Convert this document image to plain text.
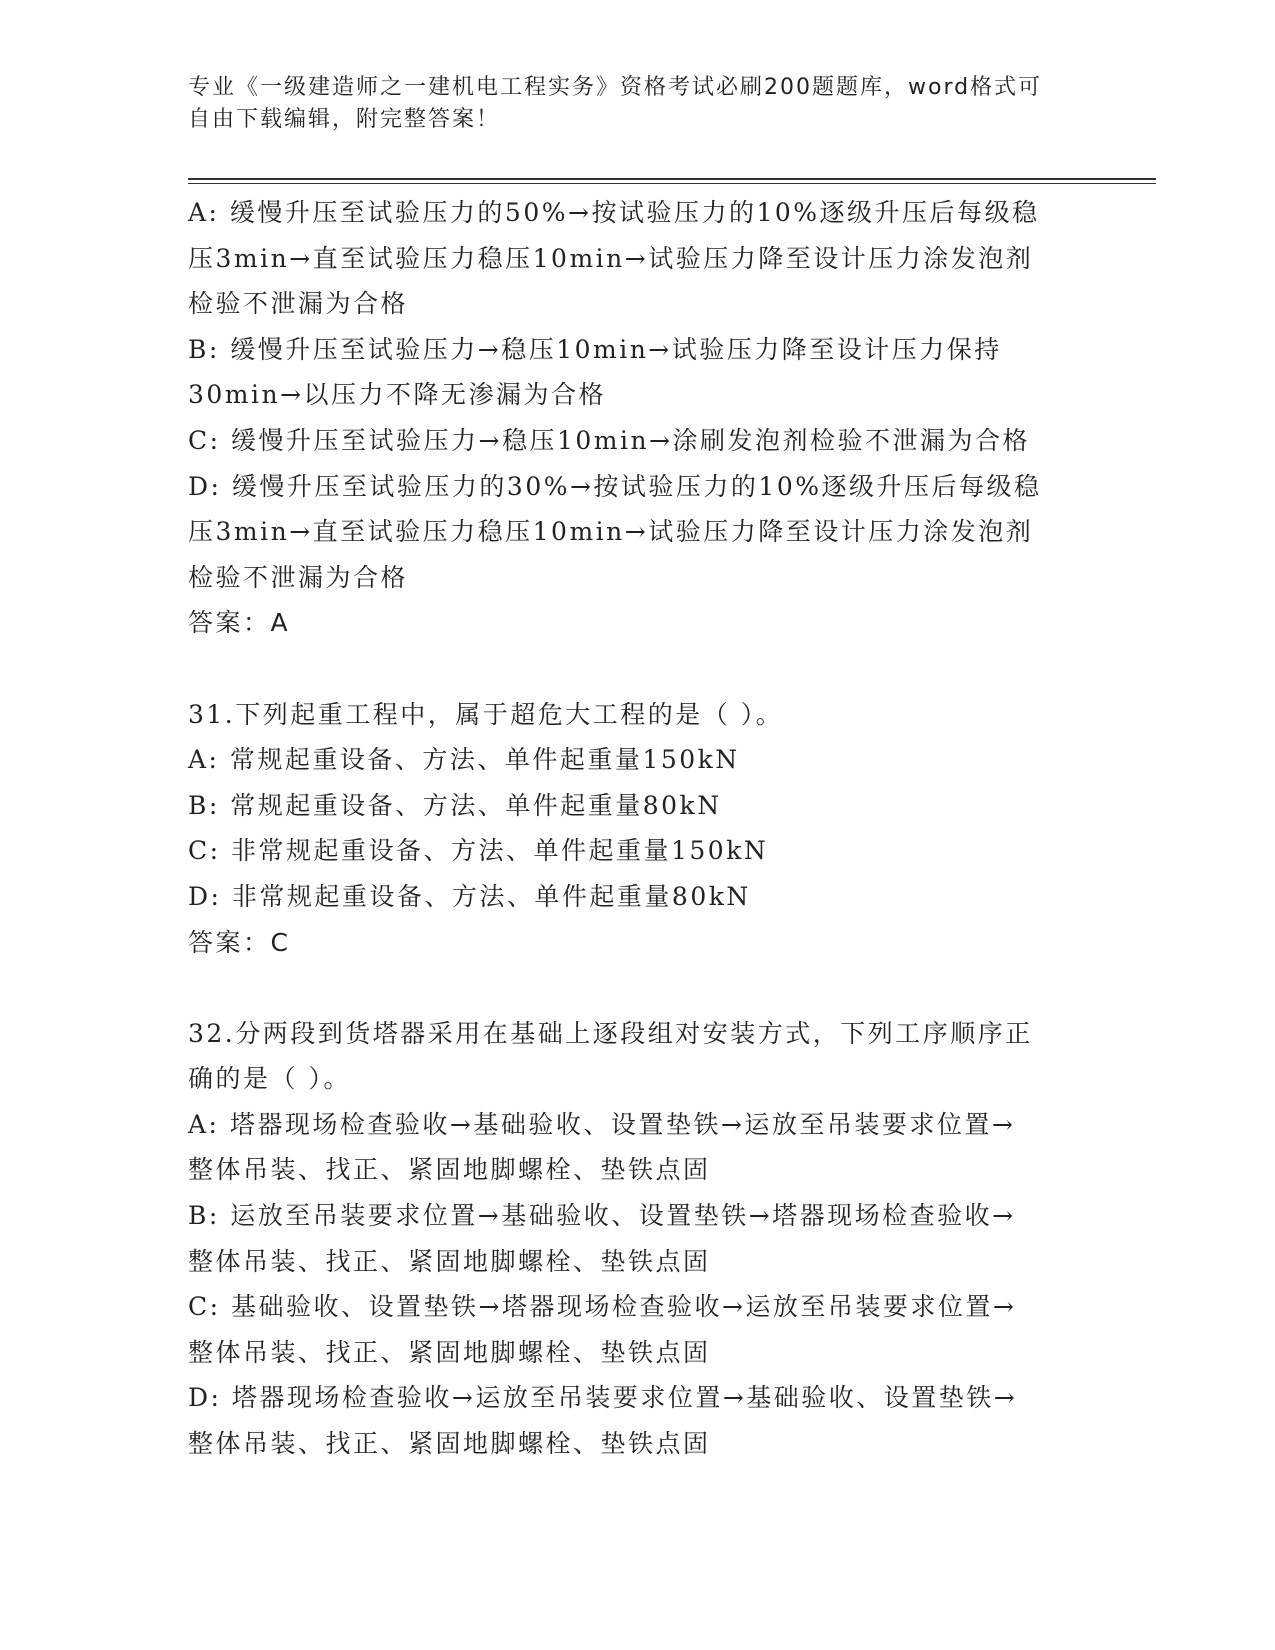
专业《一级建造师之一建机电工程实务》资格考试必刷200题题库，word格式可
自由下载编辑，附完整答案！

A: 缓慢升压至试验压力的50%→按试验压力的10%逐级升压后每级稳

压3min→直至试验压力稳压10min→试验压力降至设计压力涂发泡剂

检验不泄漏为合格

B: 缓慢升压至试验压力→稳压10min→试验压力降至设计压力保持

30min→以压力不降无渗漏为合格

C: 缓慢升压至试验压力→稳压10min→涂刷发泡剂检验不泄漏为合格

D: 缓慢升压至试验压力的30%→按试验压力的10%逐级升压后每级稳

压3min→直至试验压力稳压10min→试验压力降至设计压力涂发泡剂

检验不泄漏为合格

答案：A

31.下列起重工程中，属于超危大工程的是（ ）。

A: 常规起重设备、方法、单件起重量150kN

B: 常规起重设备、方法、单件起重量80kN

C: 非常规起重设备、方法、单件起重量150kN

D: 非常规起重设备、方法、单件起重量80kN

答案：C

32.分两段到货塔器采用在基础上逐段组对安装方式，下列工序顺序正

确的是（ ）。

A: 塔器现场检查验收→基础验收、设置垫铁→运放至吊装要求位置→

整体吊装、找正、紧固地脚螺栓、垫铁点固

B: 运放至吊装要求位置→基础验收、设置垫铁→塔器现场检查验收→

整体吊装、找正、紧固地脚螺栓、垫铁点固

C: 基础验收、设置垫铁→塔器现场检查验收→运放至吊装要求位置→

整体吊装、找正、紧固地脚螺栓、垫铁点固

D: 塔器现场检查验收→运放至吊装要求位置→基础验收、设置垫铁→

整体吊装、找正、紧固地脚螺栓、垫铁点固
